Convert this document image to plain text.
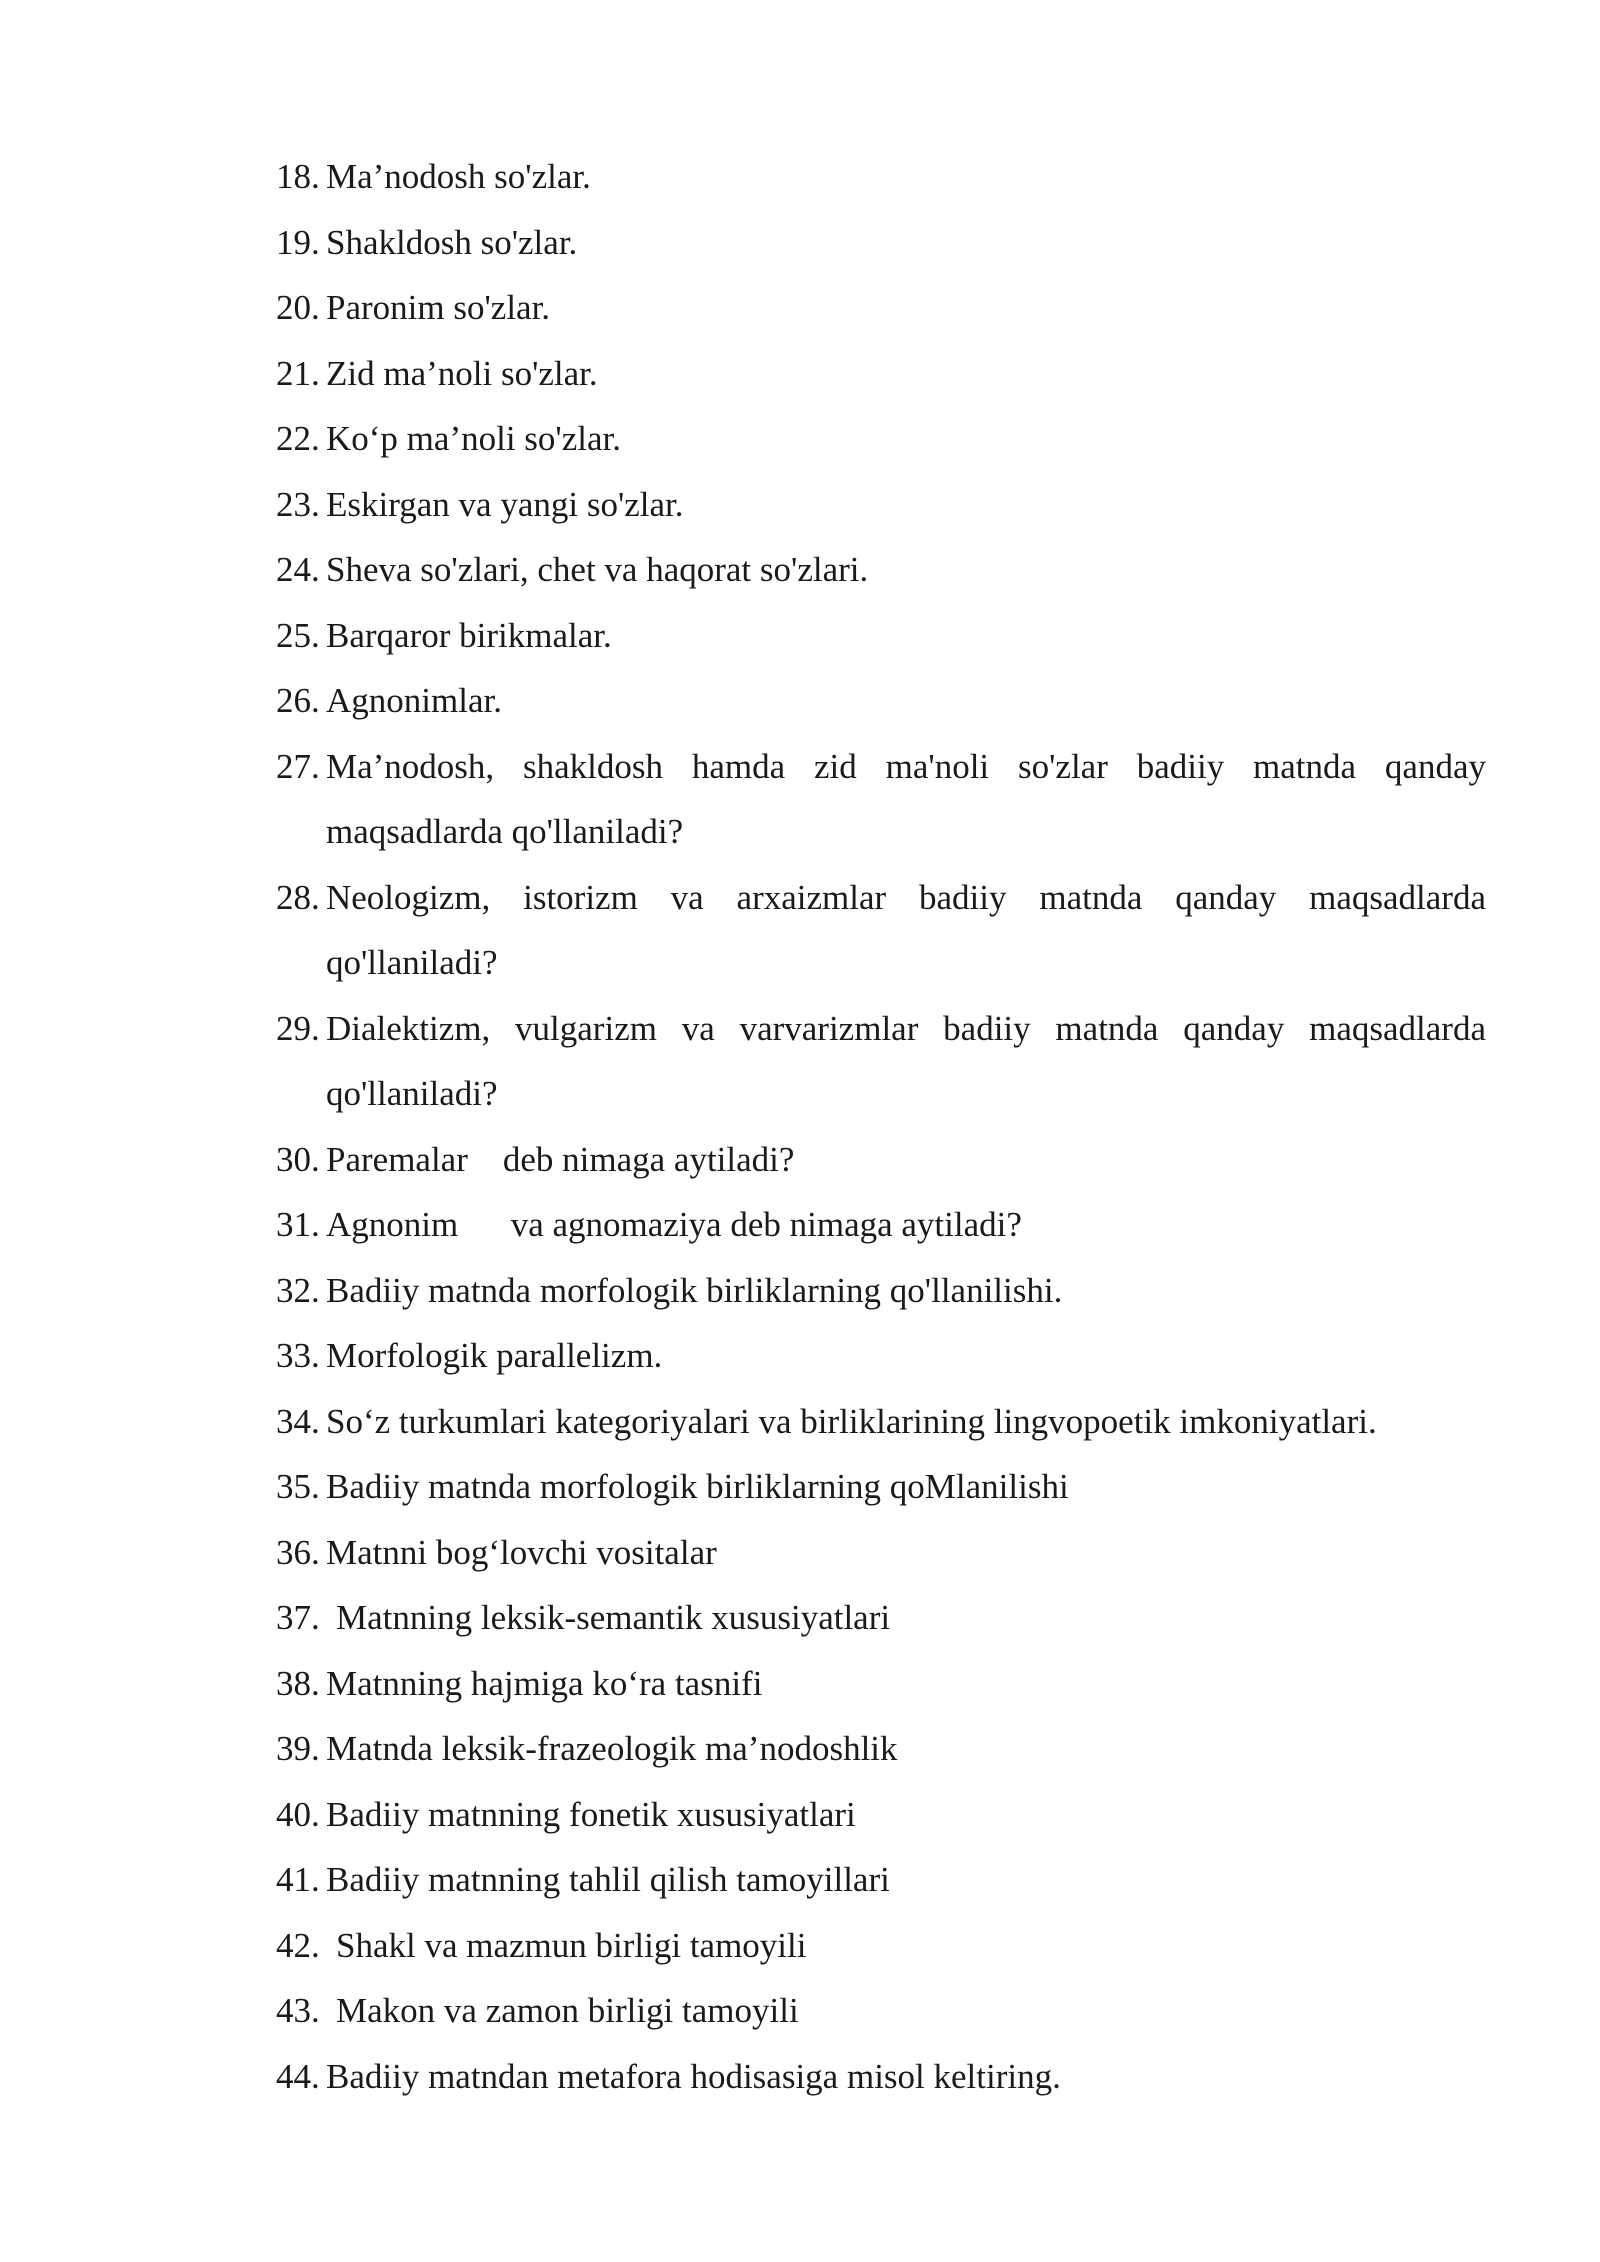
18. Ma’nodosh so'zlar.
19. Shakldosh so'zlar.
20. Paronim so'zlar.
21. Zid ma’noli so'zlar.
22. Ko‘p ma’noli so'zlar.
23. Eskirgan va yangi so'zlar.
24. Sheva so'zlari, chet va haqorat so'zlari.
25. Barqaror birikmalar.
26. Agnonimlar.
27. Ma’nodosh, shakldosh hamda zid ma'noli so'zlar badiiy matnda qanday maqsadlarda qo'llaniladi?
28. Neologizm, istorizm va arxaizmlar badiiy matnda qanday maqsadlarda qo'llaniladi?
29. Dialektizm, vulgarizm va varvarizmlar badiiy matnda qanday maqsadlarda qo'llaniladi?
30. Paremalar    deb nimaga aytiladi?
31. Agnonim      va agnomaziya deb nimaga aytiladi?
32. Badiiy matnda morfologik birliklarning qo'llanilishi.
33. Morfologik parallelizm.
34. So‘z turkumlari kategoriyalari va birliklarining lingvopoetik imkoniyatlari.
35. Badiiy matnda morfologik birliklarning qoMlanilishi
36. Matnni bog‘lovchi vositalar
37. Matnning leksik-semantik xususiyatlari
38. Matnning hajmiga ko‘ra tasnifi
39. Matnda leksik-frazeologik ma’nodoshlik
40. Badiiy matnning fonetik xususiyatlari
41. Badiiy matnning tahlil qilish tamoyillari
42. Shakl va mazmun birligi tamoyili
43. Makon va zamon birligi tamoyili
44. Badiiy matndan metafora hodisasiga misol keltiring.
